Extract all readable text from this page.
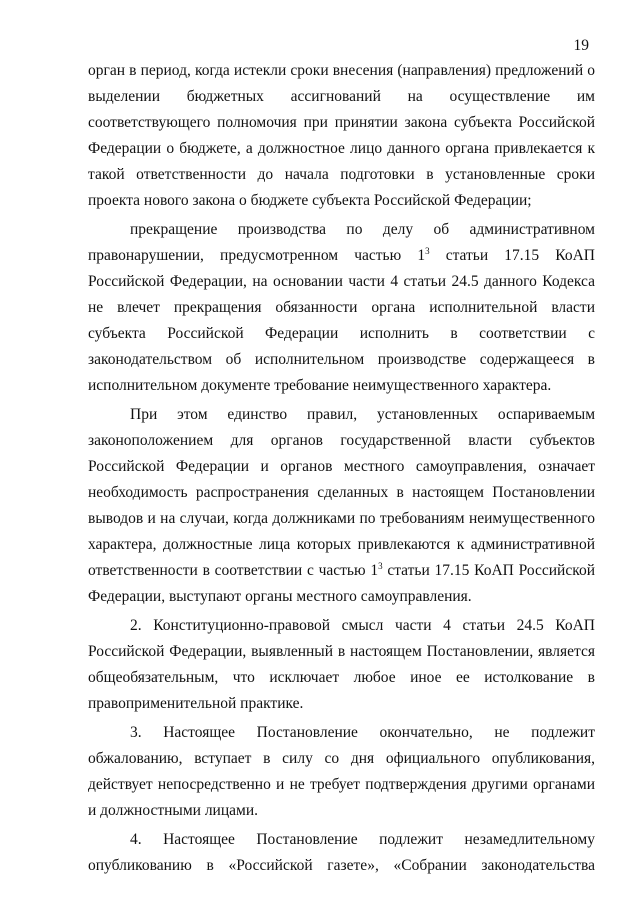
19

орган в период, когда истекли сроки внесения (направления) предложений о выделении бюджетных ассигнований на осуществление им соответствующего полномочия при принятии закона субъекта Российской Федерации о бюджете, а должностное лицо данного органа привлекается к такой ответственности до начала подготовки в установленные сроки проекта нового закона о бюджете субъекта Российской Федерации;

прекращение производства по делу об административном правонарушении, предусмотренном частью $1^3$ статьи 17.15 КоАП Российской Федерации, на основании части 4 статьи 24.5 данного Кодекса не влечет прекращения обязанности органа исполнительной власти субъекта Российской Федерации исполнить в соответствии с законодательством об исполнительном производстве содержащееся в исполнительном документе требование неимущественного характера.

При этом единство правил, установленных оспариваемым законоположением для органов государственной власти субъектов Российской Федерации и органов местного самоуправления, означает необходимость распространения сделанных в настоящем Постановлении выводов и на случаи, когда должниками по требованиям неимущественного характера, должностные лица которых привлекаются к административной ответственности в соответствии с частью $1^3$ статьи 17.15 КоАП Российской Федерации, выступают органы местного самоуправления.

2. Конституционно-правовой смысл части 4 статьи 24.5 КоАП Российской Федерации, выявленный в настоящем Постановлении, является общеобязательным, что исключает любое иное ее истолкование в правоприменительной практике.

3. Настоящее Постановление окончательно, не подлежит обжалованию, вступает в силу со дня официального опубликования, действует непосредственно и не требует подтверждения другими органами и должностными лицами.

4. Настоящее Постановление подлежит незамедлительному опубликованию в «Российской газете», «Собрании законодательства
